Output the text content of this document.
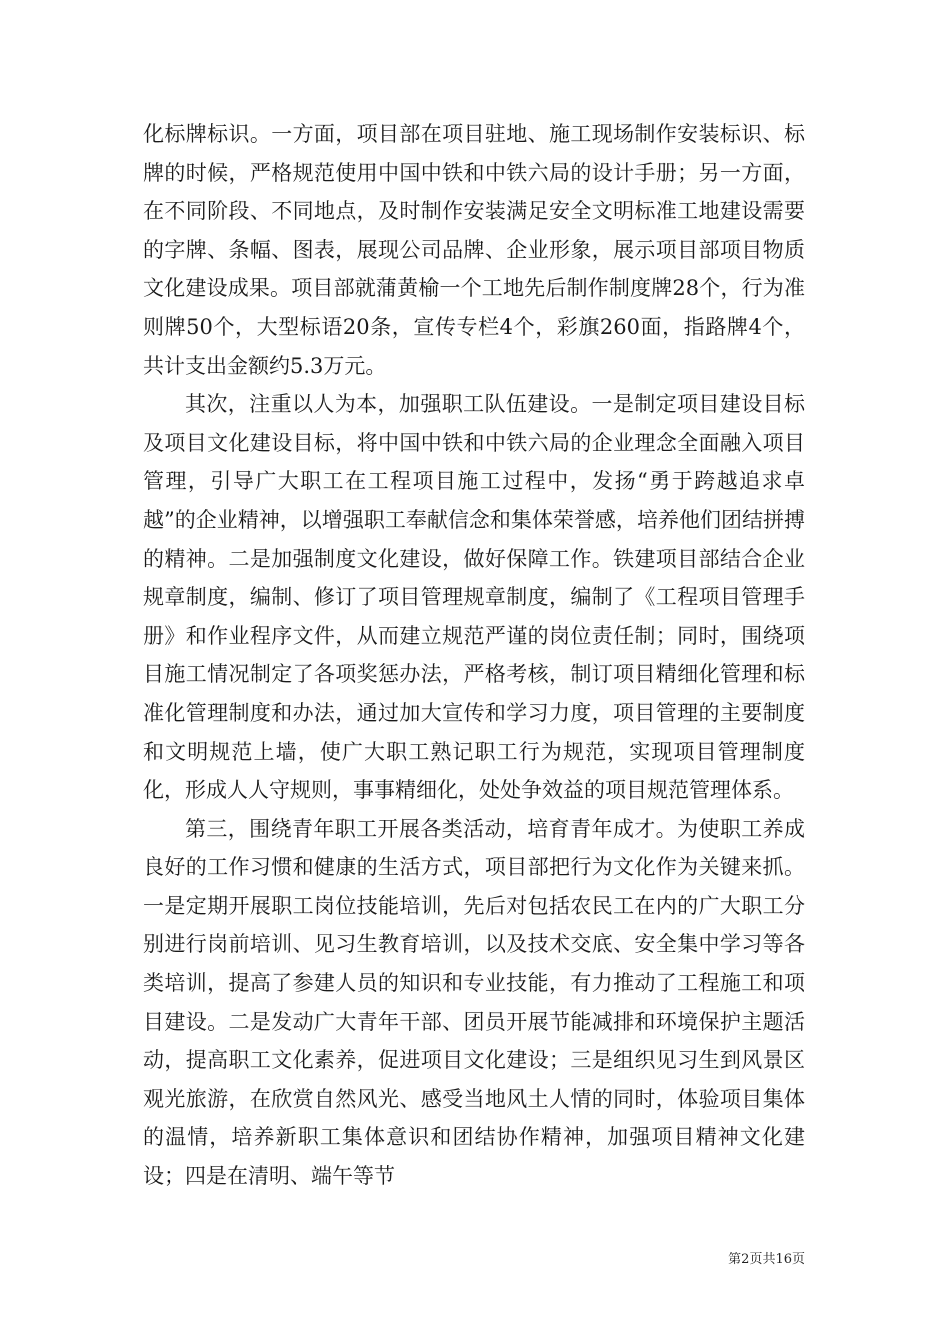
化标牌标识。一方面，项目部在项目驻地、施工现场制作安装标识、标牌的时候，严格规范使用中国中铁和中铁六局的设计手册；另一方面，在不同阶段、不同地点，及时制作安装满足安全文明标准工地建设需要的字牌、条幅、图表，展现公司品牌、企业形象，展示项目部项目物质文化建设成果。项目部就蒲黄榆一个工地先后制作制度牌28个，行为准则牌50个，大型标语20条，宣传专栏4个，彩旗260面，指路牌4个，共计支出金额约5.3万元。

其次，注重以人为本，加强职工队伍建设。一是制定项目建设目标及项目文化建设目标，将中国中铁和中铁六局的企业理念全面融入项目管理，引导广大职工在工程项目施工过程中，发扬“勇于跨越追求卓越”的企业精神，以增强职工奉献信念和集体荣誉感，培养他们团结拼搏的精神。二是加强制度文化建设，做好保障工作。铁建项目部结合企业规章制度，编制、修订了项目管理规章制度，编制了《工程项目管理手册》和作业程序文件，从而建立规范严谨的岗位责任制；同时，围绕项目施工情况制定了各项奖惩办法，严格考核，制订项目精细化管理和标准化管理制度和办法，通过加大宣传和学习力度，项目管理的主要制度和文明规范上墙，使广大职工熟记职工行为规范，实现项目管理制度化，形成人人守规则，事事精细化，处处争效益的项目规范管理体系。

第三，围绕青年职工开展各类活动，培育青年成才。为使职工养成良好的工作习惯和健康的生活方式，项目部把行为文化作为关键来抓。一是定期开展职工岗位技能培训，先后对包括农民工在内的广大职工分别进行岗前培训、见习生教育培训，以及技术交底、安全集中学习等各类培训，提高了参建人员的知识和专业技能，有力推动了工程施工和项目建设。二是发动广大青年干部、团员开展节能减排和环境保护主题活动，提高职工文化素养，促进项目文化建设；三是组织见习生到风景区观光旅游，在欣赏自然风光、感受当地风土人情的同时，体验项目集体的温情，培养新职工集体意识和团结协作精神，加强项目精神文化建设；四是在清明、端午等节

第2页共16页
